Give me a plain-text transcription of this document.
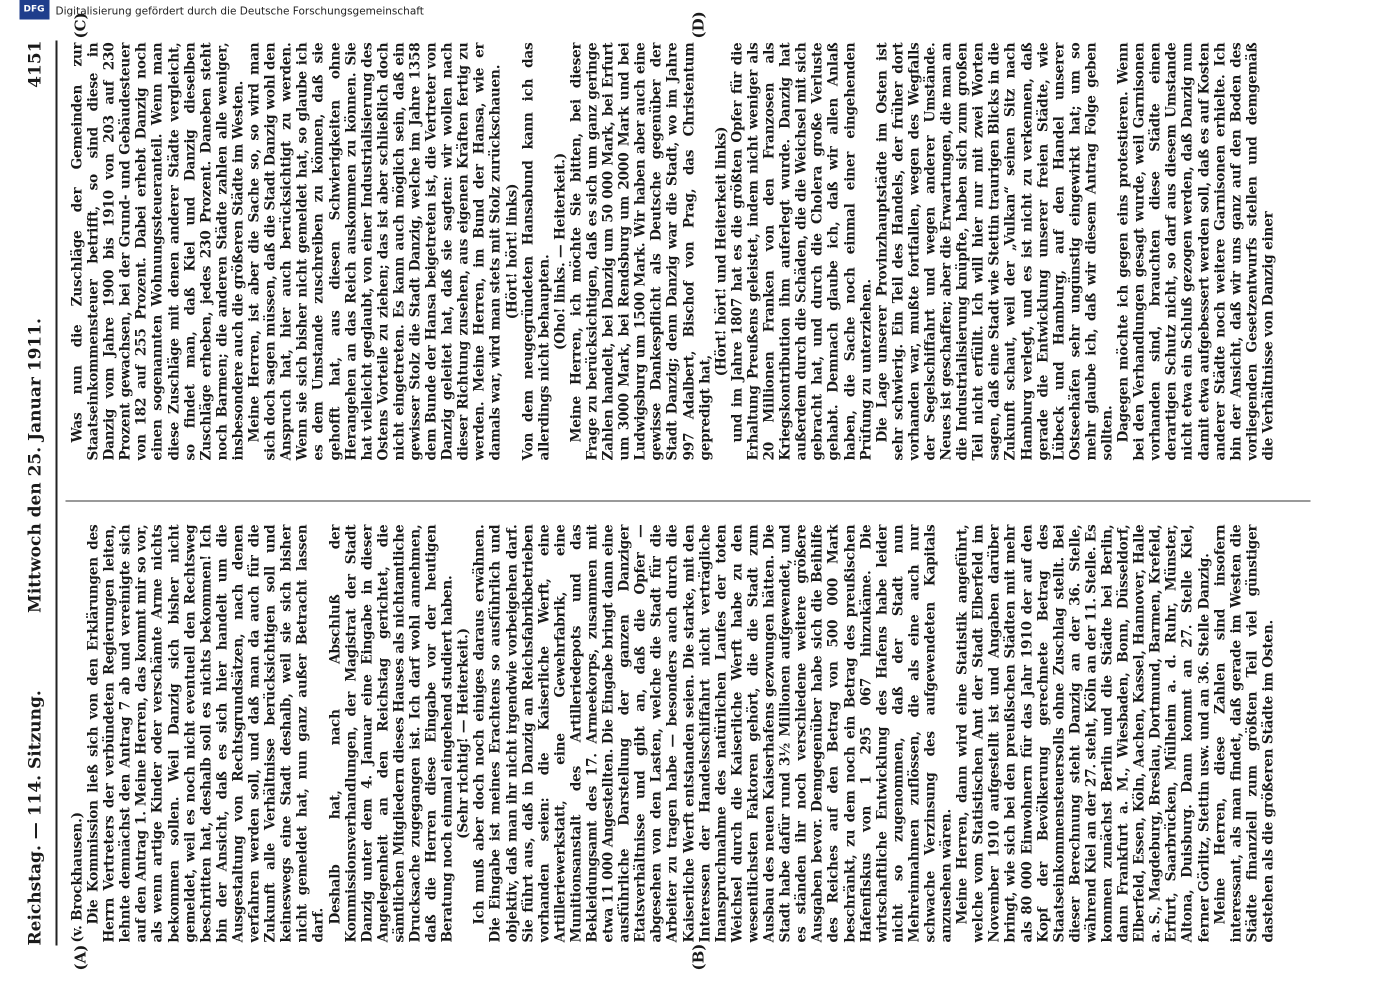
Reichstag. — 114. Sitzung.
Mittwoch den 25. Januar 1911.
4151
(A)	(B)
(C)	(D)

(v. Brockhausen.) Die Kommission ließ sich von den Erklärungen des Herrn Vertreters der verbündeten Regierungen leiten, lehnte demnächst den Antrag 7 ab und vereinigte sich auf den Antrag 1. Meine Herren, das kommt mir so vor, als wenn artige Kinder oder verschämte Arme nichts bekommen sollen. Weil Danzig sich bisher nicht gemeldet, weil es noch nicht eventuell den Rechtsweg beschritten hat, deshalb soll es nichts bekommen! Ich bin der Ansicht, daß es sich hier handelt um die Ausgestaltung von Rechtsgrundsätzen, nach denen verfahren werden soll, und daß man da auch für die Zukunft alle Verhältnisse berücksichtigen soll und keineswegs eine Stadt deshalb, weil sie sich bisher nicht gemeldet hat, nun ganz außer Betracht lassen darf.

Deshalb hat, nach Abschluß der Kommissionsverhandlungen, der Magistrat der Stadt Danzig unter dem 4. Januar eine Eingabe in dieser Angelegenheit an den Reichstag gerichtet, die sämtlichen Mitgliedern dieses Hauses als nichtamtliche Drucksache zugegangen ist. Ich darf wohl annehmen, daß die Herren diese Eingabe vor der heutigen Beratung noch einmal eingehend studiert haben. (Sehr richtig! — Heiterkeit.) Ich muß aber doch noch einiges daraus erwähnen. Die Eingabe ist meines Erachtens so ausführlich und objektiv, daß man ihr nicht irgendwie vorbeigehen darf. Sie führt aus, daß in Danzig an Reichsfabrikbetrieben vorhanden seien: die Kaiserliche Werft, eine Artilleriewerkstatt, eine Gewehrfabrik, eine Munitionsanstalt des Artilleriedepots und das Bekleidungsamt des 17. Armeekorps, zusammen mit etwa 11 000 Angestellten. Die Eingabe bringt dann eine ausführliche Darstellung der ganzen Danziger Etatsverhältnisse und gibt an, daß die Opfer — abgesehen von den Lasten, welche die Stadt für die Arbeiter zu tragen habe — besonders auch durch die Kaiserliche Werft entstanden seien. Die starke, mit den Interessen der Handelsschiffahrt nicht verträgliche Inanspruchnahme des natürlichen Laufes der toten Weichsel durch die Kaiserliche Werft habe zu den wesentlichsten Faktoren gehört, die die Stadt zum Ausbau des neuen Kaiserhafens gezwungen hätten. Die Stadt habe dafür rund 3½ Millionen aufgewendet, und es ständen ihr noch verschiedene weitere größere Ausgaben bevor. Demgegenüber habe sich die Beihilfe des Reiches auf den Betrag von 500 000 Mark beschränkt, zu dem noch ein Betrag des preußischen Hafenfiskus von 1 295 067 hinzukäme. Die wirtschaftliche Entwicklung des Hafens habe leider nicht so zugenommen, daß der Stadt nun Mehreinnahmen zuflössen, die als eine auch nur schwache Verzinsung des aufgewendeten Kapitals anzusehen wären. Meine Herren, dann wird eine Statistik angeführt, welche vom Statistischen Amt der Stadt Elberfeld im November 1910 aufgestellt ist und Angaben darüber bringt, wie sich bei den preußischen Städten mit mehr als 80 000 Einwohnern für das Jahr 1910 der auf den Kopf der Bevölkerung gerechnete Betrag des Staatseinkommensteuersolls ohne Zuschlag stellt. Bei dieser Berechnung steht Danzig an der 36. Stelle, während Kiel an der 27. steht, Köln an der 11. Stelle. Es kommen zunächst Berlin und die Städte bei Berlin, dann Frankfurt a. M., Wiesbaden, Bonn, Düsseldorf, Elberfeld, Essen, Köln, Aachen, Kassel, Hannover, Halle a. S., Magdeburg, Breslau, Dortmund, Barmen, Krefeld, Erfurt, Saarbrücken, Mülheim a. d. Ruhr, Münster, Altona, Duisburg. Dann kommt an 27. Stelle Kiel, ferner Görlitz, Stettin usw. und an 36. Stelle Danzig. Meine Herren, diese Zahlen sind insofern interessant, als man findet, daß gerade im Westen die Städte finanziell zum größten Teil viel günstiger dastehen als die größeren Städte im Osten.

Was nun die Zuschläge der Gemeinden zur Staatseinkommensteuer betrifft, so sind diese in Danzig vom Jahre 1900 bis 1910 von 203 auf 230 Prozent gewachsen, bei der Grund- und Gebäudesteuer von 182 auf 255 Prozent. Dabei erhebt Danzig noch einen sogenannten Wohnungssteueranteil. Wenn man diese Zuschläge mit denen anderer Städte vergleicht, so findet man, daß Kiel und Danzig dieselben Zuschläge erheben, jedes 230 Prozent. Daneben steht noch Barmen; die anderen Städte zahlen alle weniger, insbesondere auch die größeren Städte im Westen. Meine Herren, ist aber die Sache so, so wird man sich doch sagen müssen, daß die Stadt Danzig wohl den Anspruch hat, hier auch berücksichtigt zu werden. Wenn sie sich bisher nicht gemeldet hat, so glaube ich es dem Umstande zuschreiben zu können, daß sie gehofft hat, aus diesen Schwierigkeiten ohne Herangehen an das Reich auskommen zu können. Sie hat vielleicht geglaubt, von einer Industrialisierung des Ostens Vorteile zu ziehen; das ist aber schließlich doch nicht eingetreten. Es kann auch möglich sein, daß ein gewisser Stolz die Stadt Danzig, welche im Jahre 1358 dem Bunde der Hansa beigetreten ist, die Vertreter von Danzig geleitet hat, daß sie sagten: wir wollen nach dieser Richtung zusehen, aus eigenen Kräften fertig zu werden. Meine Herren, im Bund der Hansa, wie er damals war, wird man stets mit Stolz zurückschauen. (Hört! hört! links) Von dem neugegründeten Hansabund kann ich das allerdings nicht behaupten.

(Oho! links. — Heiterkeit.) Meine Herren, ich möchte Sie bitten, bei dieser Frage zu berücksichtigen, daß es sich um ganz geringe Zahlen handelt, bei Danzig um 50 000 Mark, bei Erfurt um 3000 Mark, bei Rendsburg um 2000 Mark und bei Ludwigsburg um 1500 Mark. Wir haben aber auch eine gewisse Dankespflicht als Deutsche gegenüber der Stadt Danzig; denn Danzig war die Stadt, wo im Jahre 997 Adalbert, Bischof von Prag, das Christentum gepredigt hat,

(Hört! hört! und Heiterkeit links) und im Jahre 1807 hat es die größten Opfer für die Erhaltung Preußens geleistet, indem nicht weniger als 20 Millionen Franken von den Franzosen als Kriegskontribution ihm auferlegt wurde. Danzig hat außerdem durch die Schäden, die die Weichsel mit sich gebracht hat, und durch die Cholera große Verluste gehabt. Demnach glaube ich, daß wir allen Anlaß haben, die Sache noch einmal einer eingehenden Prüfung zu unterziehen. Die Lage unserer Provinzhauptstädte im Osten ist sehr schwierig. Ein Teil des Handels, der früher dort vorhanden war, mußte fortfallen, wegen des Wegfalls der Segelschiffahrt und wegen anderer Umstände. Neues ist geschaffen; aber die Erwartungen, die man an die Industrialisierung knüpfte, haben sich zum großen Teil nicht erfüllt. Ich will hier nur mit zwei Worten sagen, daß eine Stadt wie Stettin traurigen Blicks in die Zukunft schaut, weil der „Vulkan“ seinen Sitz nach Hamburg verlegt, und es ist nicht zu verkennen, daß gerade die Entwicklung unserer freien Städte, wie Lübeck und Hamburg, auf den Handel unserer Ostseehäfen sehr ungünstig eingewirkt hat; um so mehr glaube ich, daß wir diesem Antrag Folge geben sollten. Dagegen möchte ich gegen eins protestieren. Wenn bei den Verhandlungen gesagt wurde, weil Garnisonen vorhanden sind, brauchten diese Städte einen derartigen Schutz nicht, so darf aus diesem Umstande nicht etwa ein Schluß gezogen werden, daß Danzig nun damit etwa aufgebessert werden soll, daß es auf Kosten anderer Städte noch weitere Garnisonen erhielte. Ich bin der Ansicht, daß wir uns ganz auf den Boden des vorliegenden Gesetzentwurfs stellen und demgemäß die Verhältnisse von Danzig einer

DFG	Digitalisierung gefördert durch die Deutsche Forschungsgemeinschaft
